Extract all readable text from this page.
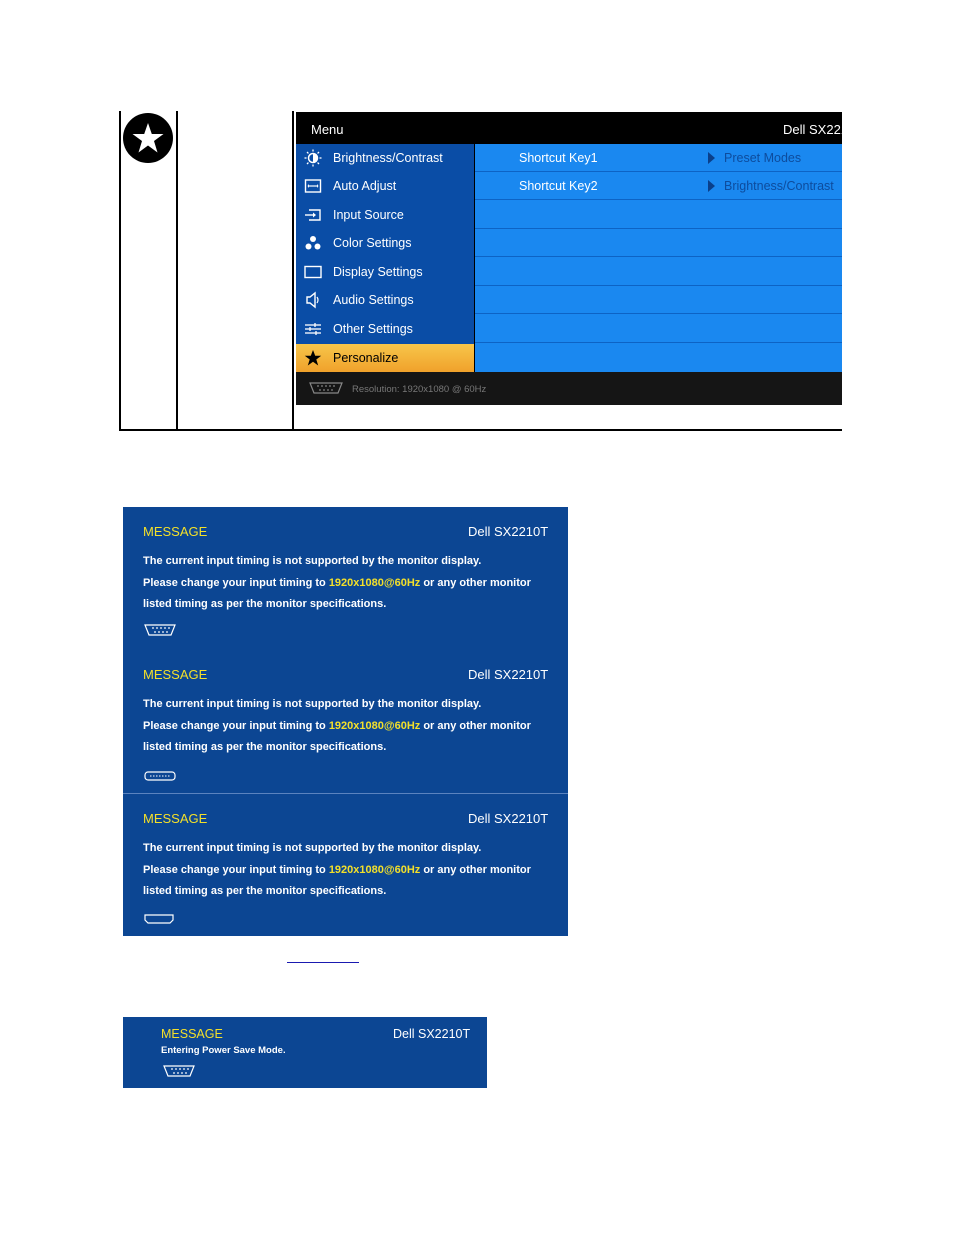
Menu	Dell SX2210T
Brightness/Contrast
Auto Adjust
Input Source
Color Settings
Display Settings
Audio Settings
Other Settings
Personalize
Shortcut Key1	Preset Modes
Shortcut Key2	Brightness/Contrast
Resolution: 1920x1080 @ 60Hz
MESSAGE	Dell SX2210T
The current input timing is not supported by the monitor display.
Please change your input timing to 1920x1080@60Hz or any other monitor
listed timing as per the monitor specifications.
MESSAGE	Dell SX2210T
The current input timing is not supported by the monitor display.
Please change your input timing to 1920x1080@60Hz or any other monitor
listed timing as per the monitor specifications.
MESSAGE	Dell SX2210T
The current input timing is not supported by the monitor display.
Please change your input timing to 1920x1080@60Hz or any other monitor
listed timing as per the monitor specifications.
MESSAGE	Dell SX2210T
Entering Power Save Mode.
